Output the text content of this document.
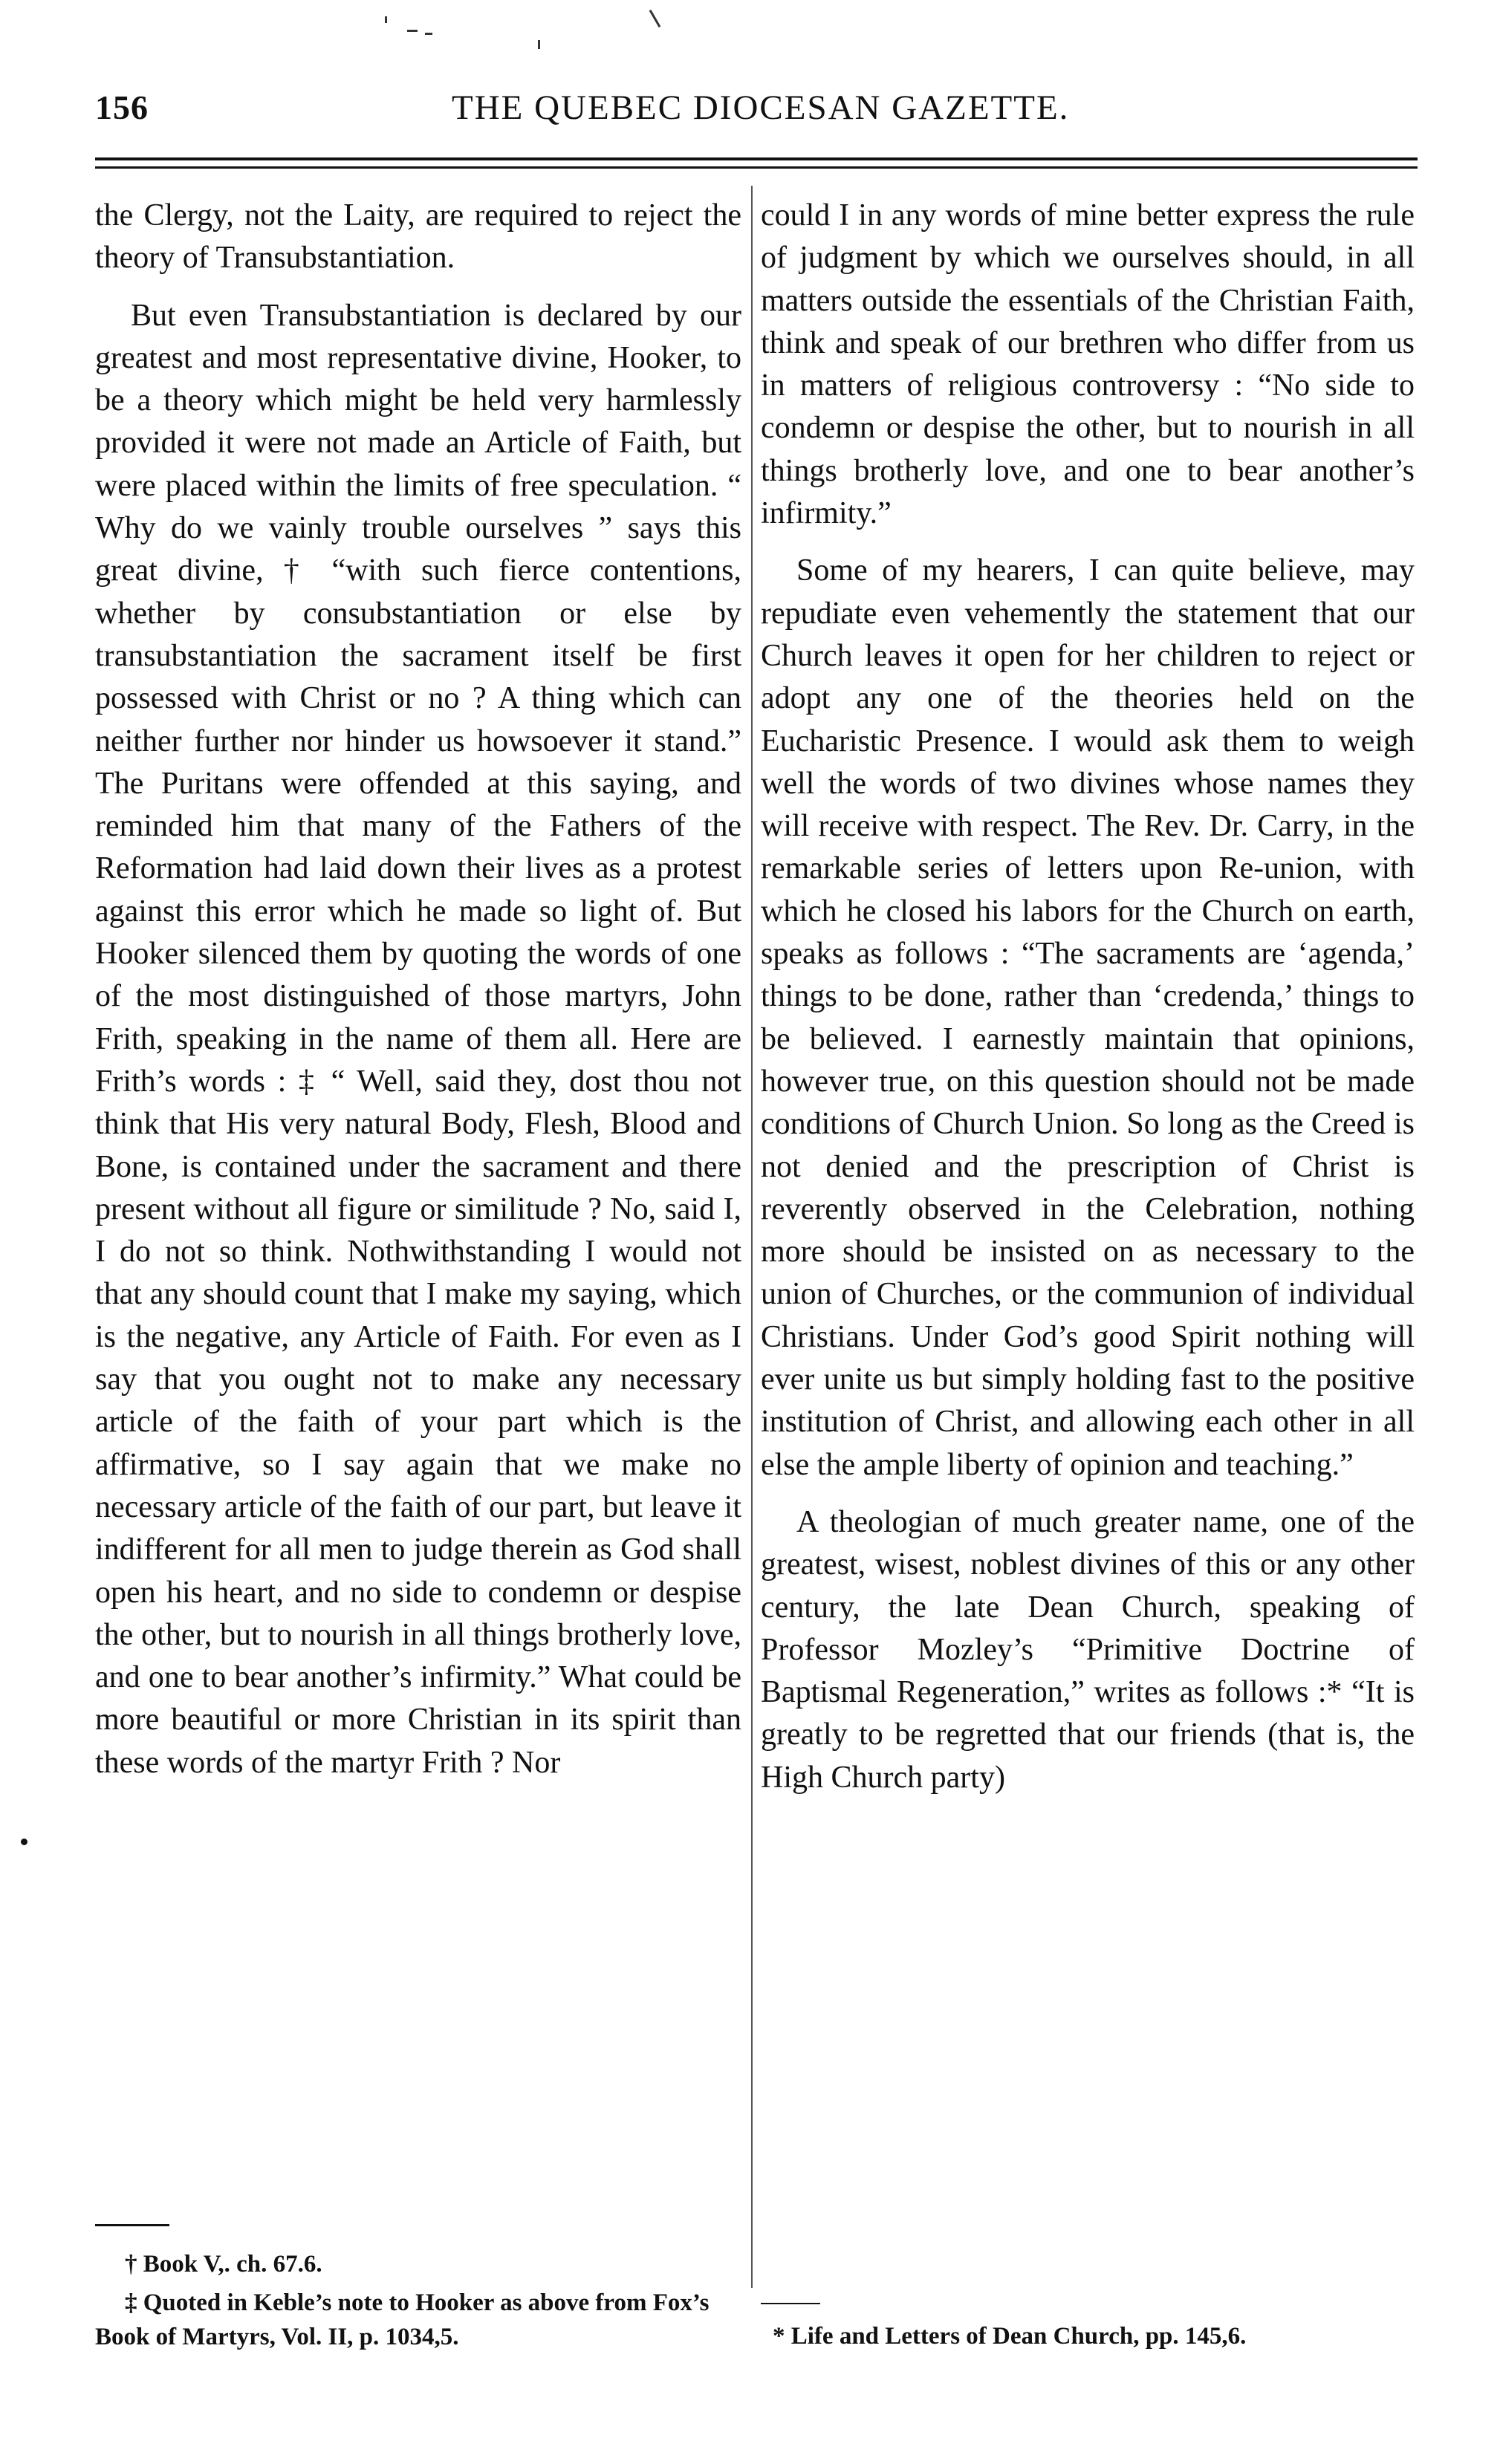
156	THE QUEBEC DIOCESAN GAZETTE.

the Clergy, not the Laity, are required to reject the theory of Transubstantiation.

But even Transubstantiation is declared by our greatest and most representative divine, Hooker, to be a theory which might be held very harmlessly provided it were not made an Article of Faith, but were placed within the limits of free speculation. “ Why do we vainly trouble ourselves ” says this great divine, † “with such fierce contentions, whether by consubstantiation or else by transubstantiation the sacrament itself be first possessed with Christ or no ? A thing which can neither further nor hinder us howsoever it stand.” The Puritans were offended at this saying, and reminded him that many of the Fathers of the Reformation had laid down their lives as a protest against this error which he made so light of. But Hooker silenced them by quoting the words of one of the most distinguished of those martyrs, John Frith, speaking in the name of them all. Here are Frith’s words : ‡ “ Well, said they, dost thou not think that His very natural Body, Flesh, Blood and Bone, is contained under the sacrament and there present without all figure or similitude ? No, said I, I do not so think. Nothwithstanding I would not that any should count that I make my saying, which is the negative, any Article of Faith. For even as I say that you ought not to make any necessary article of the faith of your part which is the affirmative, so I say again that we make no necessary article of the faith of our part, but leave it indifferent for all men to judge therein as God shall open his heart, and no side to condemn or despise the other, but to nourish in all things brotherly love, and one to bear another’s infirmity.” What could be more beautiful or more Christian in its spirit than these words of the martyr Frith ? Nor

could I in any words of mine better express the rule of judgment by which we ourselves should, in all matters outside the essentials of the Christian Faith, think and speak of our brethren who differ from us in matters of religious controversy : “No side to condemn or despise the other, but to nourish in all things brotherly love, and one to bear another’s infirmity.”

Some of my hearers, I can quite believe, may repudiate even vehemently the statement that our Church leaves it open for her children to reject or adopt any one of the theories held on the Eucharistic Presence. I would ask them to weigh well the words of two divines whose names they will receive with respect. The Rev. Dr. Carry, in the remarkable series of letters upon Re-union, with which he closed his labors for the Church on earth, speaks as follows : “The sacraments are ‘agenda,’ things to be done, rather than ‘credenda,’ things to be believed. I earnestly maintain that opinions, however true, on this question should not be made conditions of Church Union. So long as the Creed is not denied and the prescription of Christ is reverently observed in the Celebration, nothing more should be insisted on as necessary to the union of Churches, or the communion of individual Christians. Under God’s good Spirit nothing will ever unite us but simply holding fast to the positive institution of Christ, and allowing each other in all else the ample liberty of opinion and teaching.”

A theologian of much greater name, one of the greatest, wisest, noblest divines of this or any other century, the late Dean Church, speaking of Professor Mozley’s “Primitive Doctrine of Baptismal Regeneration,” writes as follows :* “It is greatly to be regretted that our friends (that is, the High Church party)

† Book V,. ch. 67.6.

‡ Quoted in Keble’s note to Hooker as above from Fox’s Book of Martyrs, Vol. II, p. 1034,5.	* Life and Letters of Dean Church, pp. 145,6.
